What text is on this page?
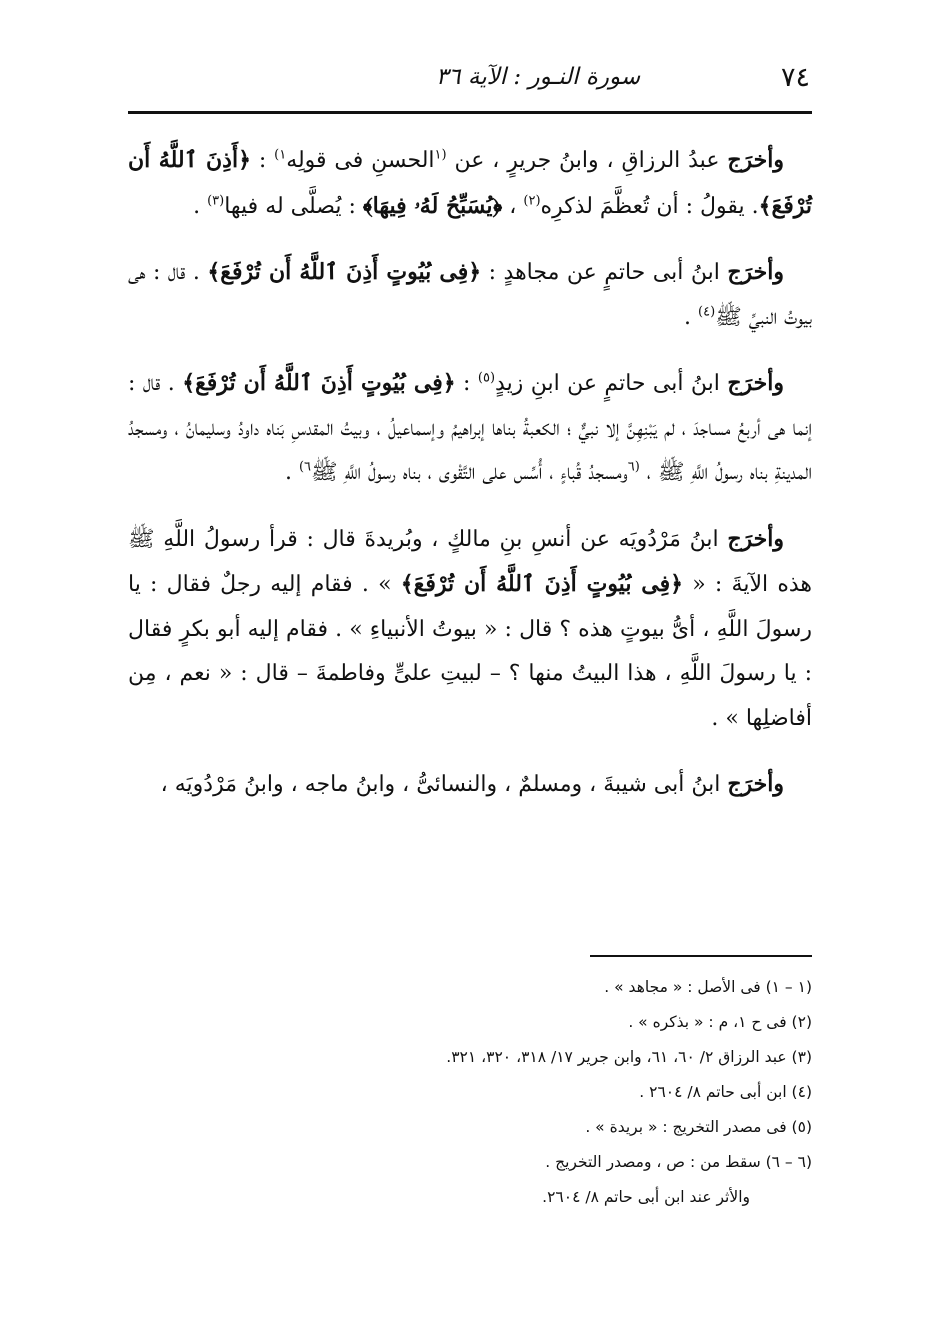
٧٤
سورة النـور : الآية ٣٦

وأخرَج عبدُ الرزاقِ ، وابنُ جريرٍ ، عن $^{(١}$الحسنِ فى قولِه$^{١)}$ : ﴿أَذِنَ ٱللَّهُ أَن تُرْفَعَ﴾. يقولُ : أن تُعظَّمَ لذكرِه$^{(٢)}$ ، ﴿يُسَبِّحُ لَهُۥ فِيهَا﴾ : يُصلَّى له فيها$^{(٣)}$ .

وأخرَج ابنُ أبى حاتمٍ عن مجاهدٍ : ﴿فِى بُيُوتٍ أَذِنَ ٱللَّهُ أَن تُرْفَعَ﴾ . قال : هى بيوتُ النبيِّ ﷺ$^{(٤)}$ .

وأخرَج ابنُ أبى حاتمٍ عن ابنِ زيدٍ$^{(٥)}$ : ﴿فِى بُيُوتٍ أَذِنَ ٱللَّهُ أَن تُرْفَعَ﴾ . قال : إنما هى أربعُ مساجدَ ، لم يَبْنِهِنَّ إلا نبيٌّ ؛ الكعبةُ بناها إبراهيمُ وإسماعيلُ ، وبيتُ المقدسِ بَناه داودُ وسليمانُ ، ومسجدُ المدينةِ بناه رسولُ اللَّهِ ﷺ ، $^{(٦}$ومسجدُ قُباءٍ ، أُسِّس على التَّقْوى ، بناه رسولُ اللَّهِ ﷺ$^{٦)}$ .

وأخرَج ابنُ مَرْدُويَه عن أنسِ بنِ مالكٍ ، وبُريدةَ قال : قرأ رسولُ اللَّهِ ﷺ هذه الآيةَ : « ﴿فِى بُيُوتٍ أَذِنَ ٱللَّهُ أَن تُرْفَعَ﴾ » . فقام إليه رجلٌ فقال : يا رسولَ اللَّهِ ، أىُّ بيوتٍ هذه ؟ قال : « بيوتُ الأنبياءِ » . فقام إليه أبو بكرٍ فقال : يا رسولَ اللَّهِ ، هذا البيتُ منها ؟ – لبيتِ علىٍّ وفاطمةَ – قال : « نعم ، مِن أفاضلِها » .

وأخرَج ابنُ أبى شيبةَ ، ومسلمٌ ، والنسائىُّ ، وابنُ ماجه ، وابنُ مَرْدُويَه ،

(١ – ١) فى الأصل : « مجاهد » .

(٢) فى ح ١، م : « بذكره » .

(٣) عبد الرزاق ٢/ ٦٠، ٦١، وابن جرير ١٧/ ٣١٨، ٣٢٠، ٣٢١.

(٤) ابن أبى حاتم ٨/ ٢٦٠٤ .

(٥) فى مصدر التخريج : « بريدة » .

(٦ – ٦) سقط من : ص ، ومصدر التخريج .

والأثر عند ابن أبى حاتم ٨/ ٢٦٠٤.
